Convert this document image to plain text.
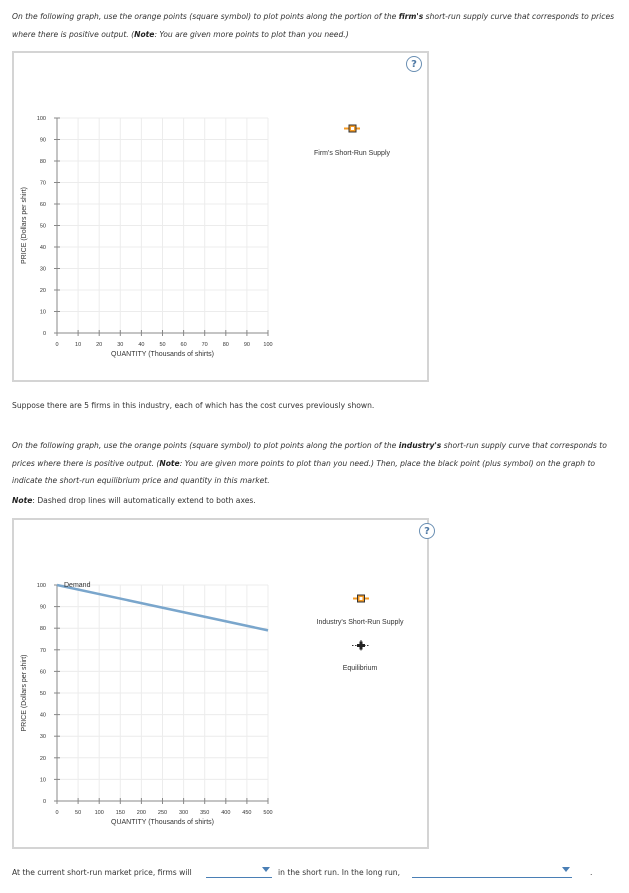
On the following graph, use the orange points (square symbol) to plot points along the portion of the firm's short-run supply curve that corresponds to prices where there is positive output. (Note: You are given more points to plot than you need.)
?
0	10	20	30	40	50	60	70	80	90 100
0
10
20
30
40
50
60
70
80
90
100
QUANTITY (Thousands of shirts)
PRICE (Dollars per shirt)
Firm's Short-Run Supply
Suppose there are 5 firms in this industry, each of which has the cost curves previously shown.
On the following graph, use the orange points (square symbol) to plot points along the portion of the industry's short-run supply curve that corresponds to prices where there is positive output. (Note: You are given more points to plot than you need.) Then, place the black point (plus symbol) on the graph to indicate the short-run equilibrium price and quantity in this market.
Note: Dashed drop lines will automatically extend to both axes.
?
0	50 100 150 200 250 300 350 400 450 500
0
10
20
30
40
50
60
70
80
90
100
QUANTITY (Thousands of shirts)
PRICE (Dollars per shirt)
Demand
Industry's Short-Run Supply
Equilibrium
At the current short-run market price, firms will	in the short run. In the long run,	.
